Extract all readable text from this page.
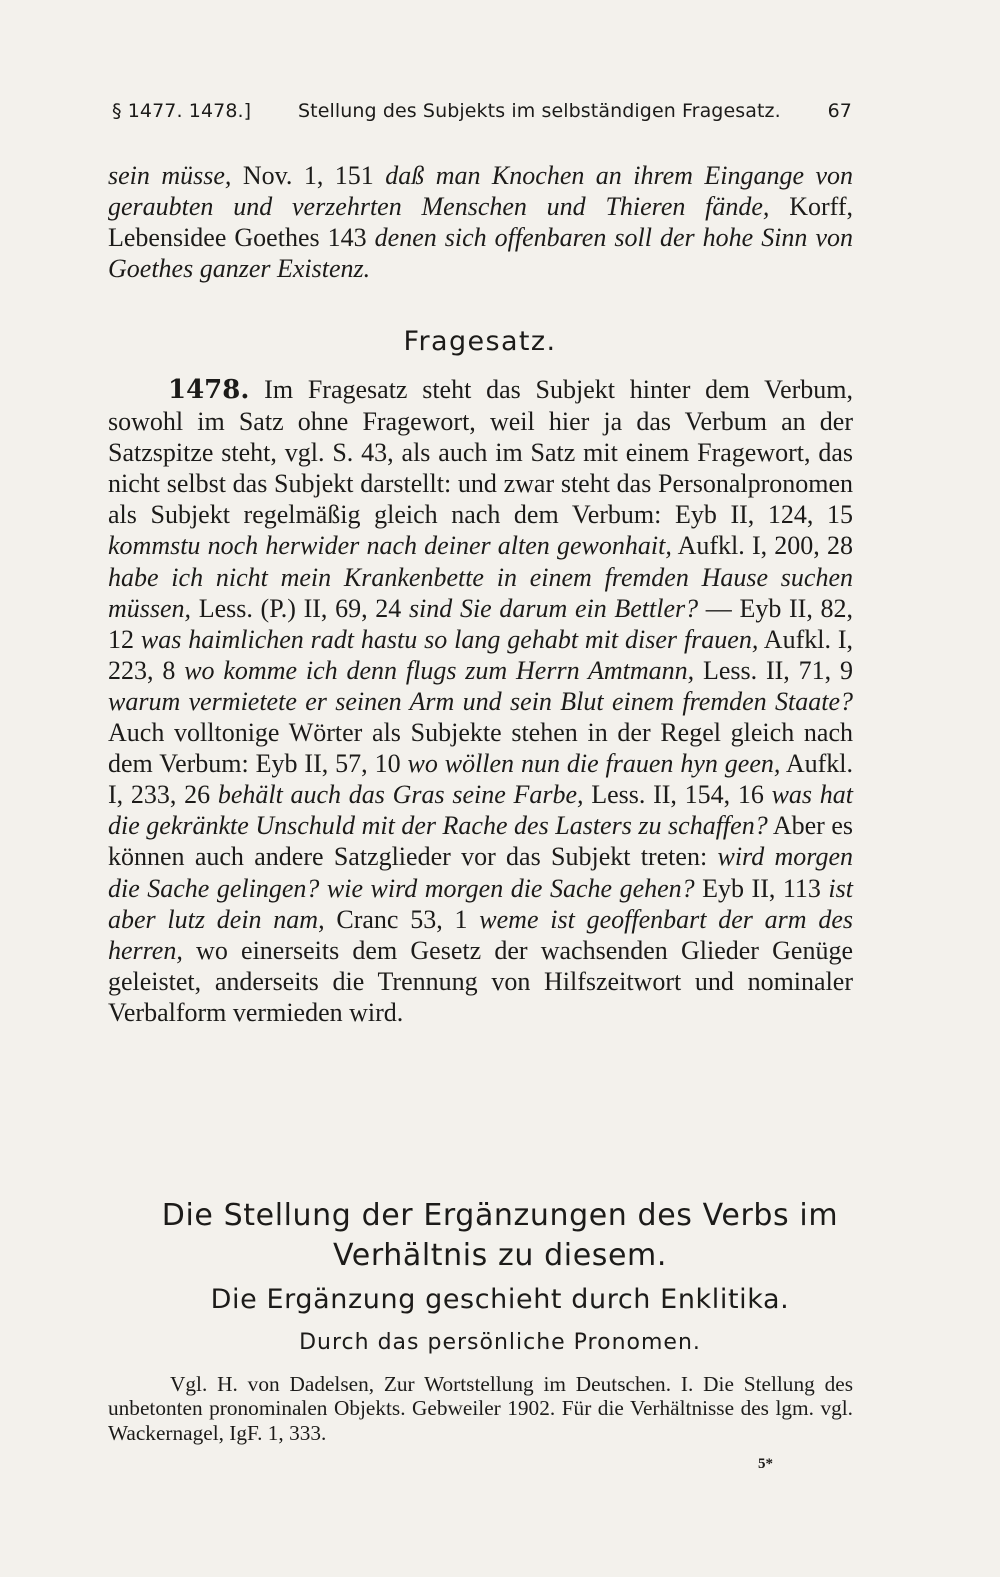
§ 1477. 1478.] Stellung des Subjekts im selbständigen Fragesatz. 67

sein müsse, Nov. 1, 151 daß man Knochen an ihrem Eingange von geraubten und verzehrten Menschen und Thieren fände, Korff, Lebensidee Goethes 143 denen sich offenbaren soll der hohe Sinn von Goethes ganzer Existenz.

Fragesatz.

1478. Im Fragesatz steht das Subjekt hinter dem Verbum, sowohl im Satz ohne Fragewort, weil hier ja das Verbum an der Satzspitze steht, vgl. S. 43, als auch im Satz mit einem Fragewort, das nicht selbst das Subjekt darstellt: und zwar steht das Personalpronomen als Subjekt regelmäßig gleich nach dem Verbum: Eyb II, 124, 15 kommstu noch herwider nach deiner alten gewonhait, Aufkl. I, 200, 28 habe ich nicht mein Krankenbette in einem fremden Hause suchen müssen, Less. (P.) II, 69, 24 sind Sie darum ein Bettler? — Eyb II, 82, 12 was haimlichen radt hastu so lang gehabt mit diser frauen, Aufkl. I, 223, 8 wo komme ich denn flugs zum Herrn Amtmann, Less. II, 71, 9 warum vermietete er seinen Arm und sein Blut einem fremden Staate? Auch volltonige Wörter als Subjekte stehen in der Regel gleich nach dem Verbum: Eyb II, 57, 10 wo wöllen nun die frauen hyn geen, Aufkl. I, 233, 26 behält auch das Gras seine Farbe, Less. II, 154, 16 was hat die gekränkte Unschuld mit der Rache des Lasters zu schaffen? Aber es können auch andere Satzglieder vor das Subjekt treten: wird morgen die Sache gelingen? wie wird morgen die Sache gehen? Eyb II, 113 ist aber lutz dein nam, Cranc 53, 1 weme ist geoffenbart der arm des herren, wo einerseits dem Gesetz der wachsenden Glieder Genüge geleistet, anderseits die Trennung von Hilfszeitwort und nominaler Verbalform vermieden wird.

Die Stellung der Ergänzungen des Verbs im
Verhältnis zu diesem.
Die Ergänzung geschieht durch Enklitika.
Durch das persönliche Pronomen.
Vgl. H. von Dadelsen, Zur Wortstellung im Deutschen. I. Die Stellung des unbetonten pronominalen Objekts. Gebweiler 1902. Für die Verhältnisse des lgm. vgl. Wackernagel, IgF. 1, 333.
5*
